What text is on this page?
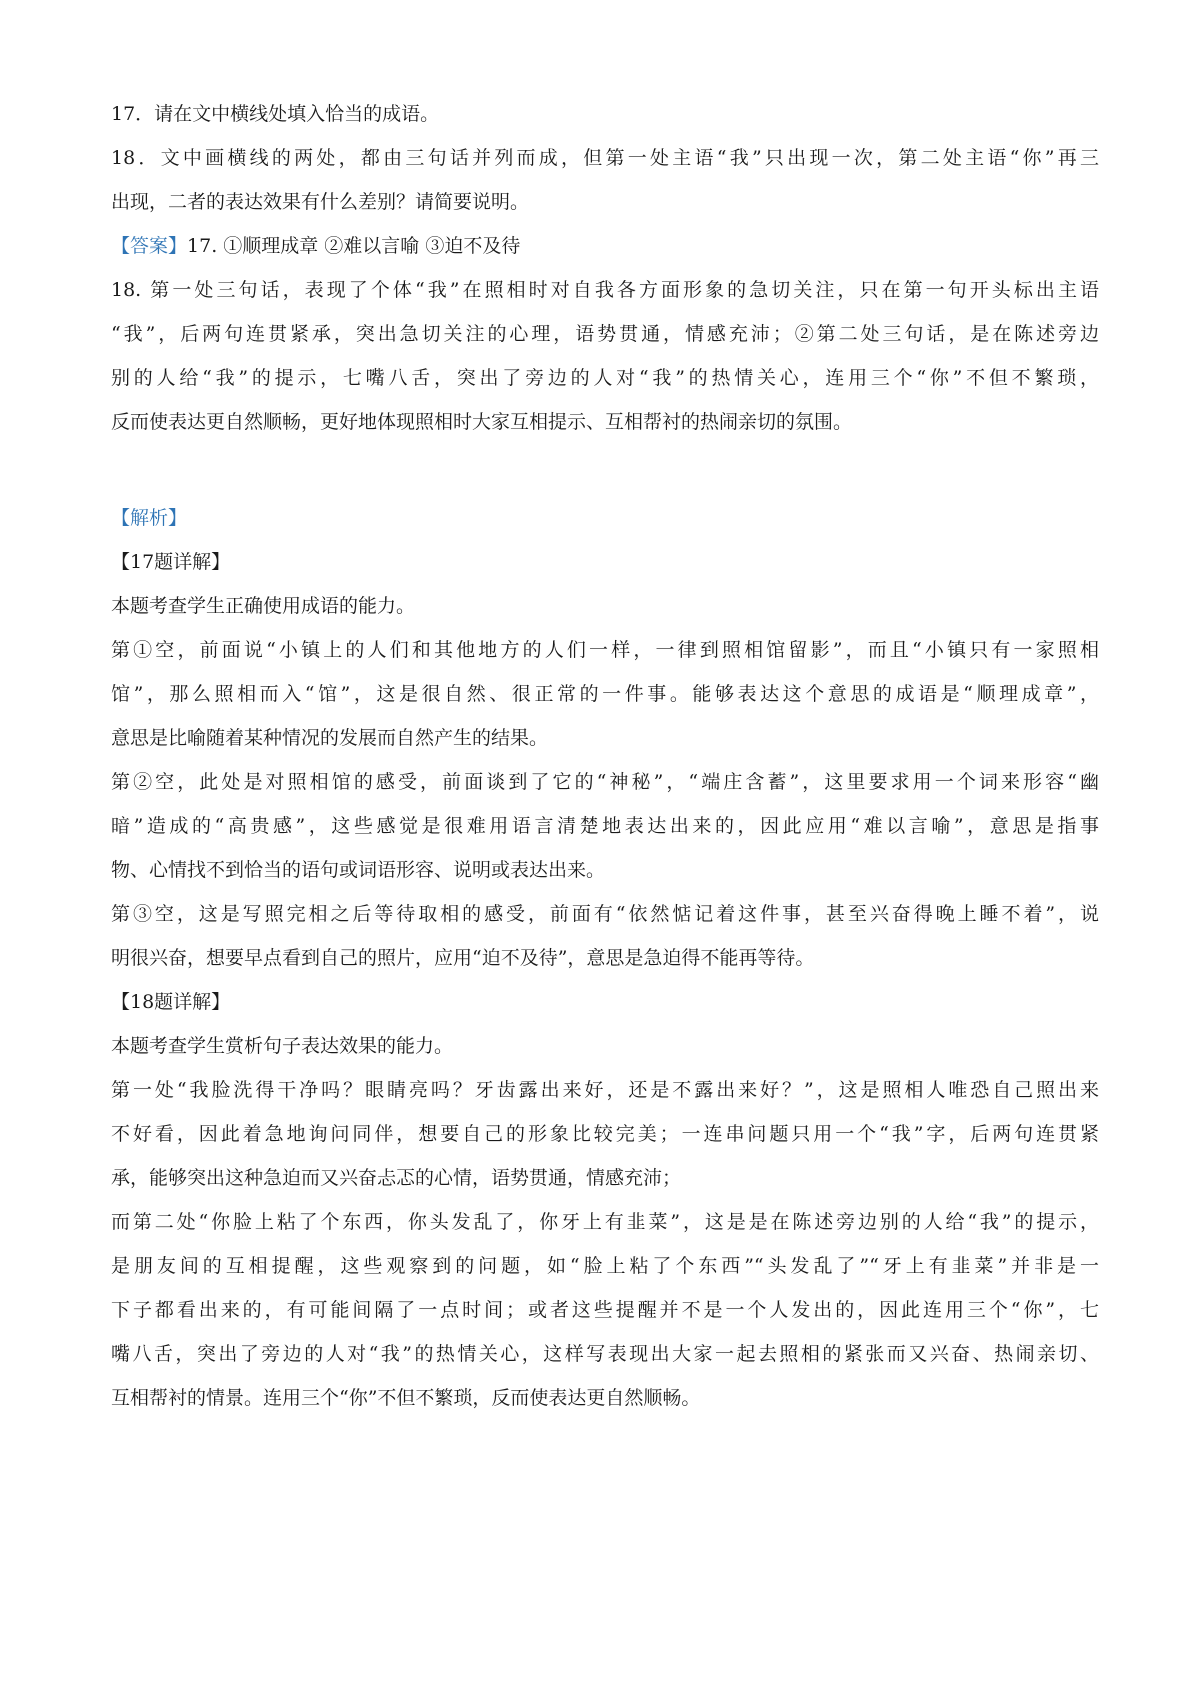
17．请在文中横线处填入恰当的成语。
18．文中画横线的两处，都由三句话并列而成，但第一处主语“我”只出现一次，第二处主语“你”再三
出现，二者的表达效果有什么差别？请简要说明。
【答案】17. ①顺理成章 ②难以言喻 ③迫不及待
18. 第一处三句话，表现了个体“我”在照相时对自我各方面形象的急切关注，只在第一句开头标出主语
“我”，后两句连贯紧承，突出急切关注的心理，语势贯通，情感充沛；②第二处三句话，是在陈述旁边
别的人给“我”的提示，七嘴八舌，突出了旁边的人对“我”的热情关心，连用三个“你”不但不繁琐，
反而使表达更自然顺畅，更好地体现照相时大家互相提示、互相帮衬的热闹亲切的氛围。
【解析】
【17题详解】
本题考查学生正确使用成语的能力。
第①空，前面说“小镇上的人们和其他地方的人们一样，一律到照相馆留影”，而且“小镇只有一家照相
馆”，那么照相而入“馆”，这是很自然、很正常的一件事。能够表达这个意思的成语是“顺理成章”，
意思是比喻随着某种情况的发展而自然产生的结果。
第②空，此处是对照相馆的感受，前面谈到了它的“神秘”，“端庄含蓄”，这里要求用一个词来形容“幽
暗”造成的“高贵感”，这些感觉是很难用语言清楚地表达出来的，因此应用“难以言喻”，意思是指事
物、心情找不到恰当的语句或词语形容、说明或表达出来。
第③空，这是写照完相之后等待取相的感受，前面有“依然惦记着这件事，甚至兴奋得晚上睡不着”，说
明很兴奋，想要早点看到自己的照片，应用“迫不及待”，意思是急迫得不能再等待。
【18题详解】
本题考查学生赏析句子表达效果的能力。
第一处“我脸洗得干净吗？眼睛亮吗？牙齿露出来好，还是不露出来好？”，这是照相人唯恐自己照出来
不好看，因此着急地询问同伴，想要自己的形象比较完美；一连串问题只用一个“我”字，后两句连贯紧
承，能够突出这种急迫而又兴奋忐忑的心情，语势贯通，情感充沛；
而第二处“你脸上粘了个东西，你头发乱了，你牙上有韭菜”，这是是在陈述旁边别的人给“我”的提示，
是朋友间的互相提醒，这些观察到的问题，如“脸上粘了个东西”“头发乱了”“牙上有韭菜”并非是一
下子都看出来的，有可能间隔了一点时间；或者这些提醒并不是一个人发出的，因此连用三个“你”，七
嘴八舌，突出了旁边的人对“我”的热情关心，这样写表现出大家一起去照相的紧张而又兴奋、热闹亲切、
互相帮衬的情景。连用三个“你”不但不繁琐，反而使表达更自然顺畅。
